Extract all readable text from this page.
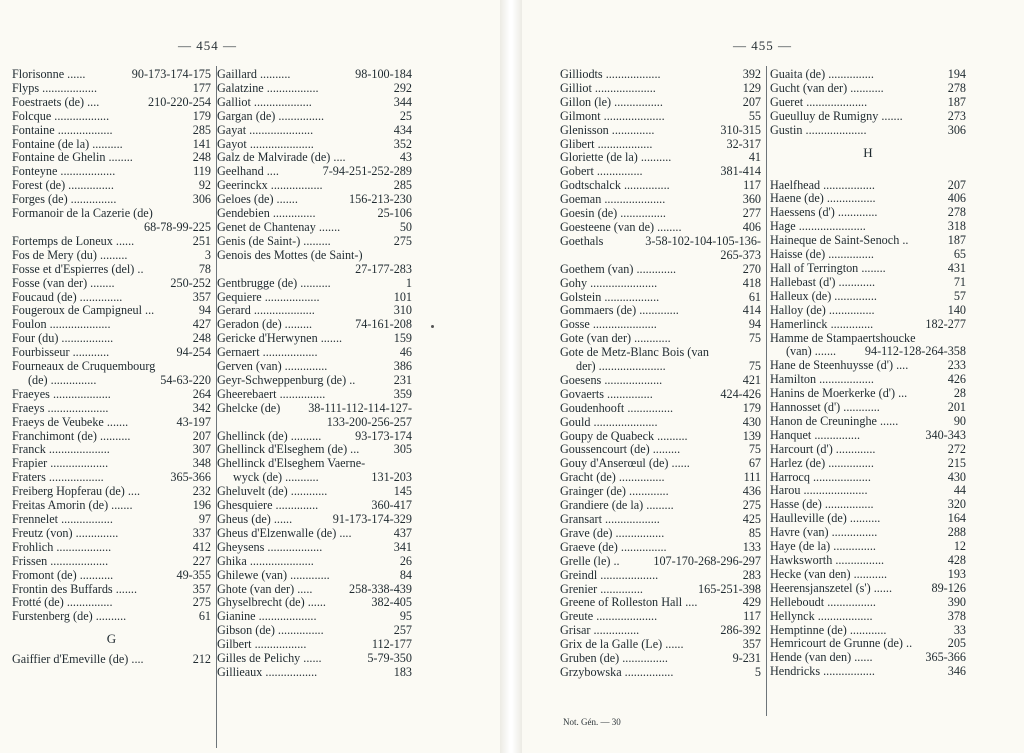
— 454 —	— 455 —
90-173-174-175
Florisonne ......
177
Flyps ..................
210-220-254
Foestraets (de) ....
179
Folcque ..................
285
Fontaine ..................
141
Fontaine (de la) ..........
248
Fontaine de Ghelin ........
119
Fonteyne ..................
92
Forest (de) ...............
306
Forges (de) ...............
Formanoir de la Cazerie (de)
68-78-99-225
251
Fortemps de Loneux ......
3
Fos de Mery (du) .........
78
Fosse et d'Espierres (del) ..
250-252
Fosse (van der) ........
357
Foucaud (de) ..............
94
Fougeroux de Campigneul ...
427
Foulon ....................
248
Four (du) .................
94-254
Fourbisseur ............
Fourneaux de Cruquembourg
54-63-220
(de) ...............
264
Fraeyes ...................
342
Fraeys ....................
43-197
Fraeys de Veubeke .......
207
Franchimont (de) ..........
307
Franck ....................
348
Frapier ...................
365-366
Fraters ..................
232
Freiberg Hopferau (de) ....
196
Freitas Amorin (de) .......
97
Frennelet .................
337
Freutz (von) ..............
412
Frohlich ..................
227
Frissen ...................
49-355
Fromont (de) ...........
357
Frontin des Buffards .......
275
Frotté (de) ...............
61
Furstenberg (de) ..........
G
212
Gaiffier d'Emeville (de) ....
98-100-184
Gaillard ..........
292
Galatzine .................
344
Galliot ...................
25
Gargan (de) ...............
434
Gayat .....................
352
Gayot .....................
43
Galz de Malvirade (de) ....
7-94-251-252-289
Geelhand ....
285
Geerinckx .................
156-213-230
Geloes (de) .......
25-106
Gendebien ..............
50
Genet de Chantenay .......
275
Genis (de Saint-) .........
Genois des Mottes (de Saint-)
27-177-283
1
Gentbrugge (de) ..........
101
Gequiere ..................
310
Gerard ....................
74-161-208
Geradon (de) .........
159
Gericke d'Herwynen .......
46
Gernaert ..................
386
Gerven (van) ..............
231
Geyr-Schweppenburg (de) ..
359
Gheerebaert ...............
38-111-112-114-127-
Ghelcke (de)
133-200-256-257
93-173-174
Ghellinck (de) ..........
305
Ghellinck d'Elseghem (de) ...
Ghellinck d'Elseghem Vaerne-
131-203
wyck (de) ...........
145
Gheluvelt (de) ............
360-417
Ghesquiere ..............
91-173-174-329
Gheus (de) ......
437
Gheus d'Elzenwalle (de) ....
341
Gheysens ..................
26
Ghika .....................
84
Ghilewe (van) .............
258-338-439
Ghote (van der) .....
382-405
Ghyselbrecht (de) ......
95
Gianine ...................
257
Gibson (de) ...............
112-177
Gilbert .................
5-79-350
Gilles de Pelichy ......
183
Gillieaux .................
392
Gilliodts ..................
129
Gilliot ....................
207
Gillon (le) ................
55
Gilmont ....................
310-315
Glenisson ..............
32-317
Glibert ..................
41
Gloriette (de la) ..........
381-414
Gobert ...............
117
Godtschalck ...............
360
Goeman ....................
277
Goesin (de) ...............
406
Goesteene (van de) ........
3-58-102-104-105-136-
Goethals
265-373
270
Goethem (van) .............
418
Gohy ......................
61
Golstein ..................
414
Gommaers (de) .............
94
Gosse .....................
75
Gote (van der) ............
Gote de Metz-Blanc Bois (van
75
der) ......................
421
Goesens ...................
424-426
Govaerts ...............
179
Goudenhooft ...............
430
Gould .....................
139
Goupy de Quabeck ..........
75
Goussencourt (de) .........
67
Gouy d'Anserœul (de) ......
111
Gracht (de) ...............
436
Grainger (de) .............
275
Grandiere (de la) .........
425
Gransart ..................
85
Grave (de) ................
133
Graeve (de) ...............
107-170-268-296-297
Grelle (le) ..
283
Greindl ...................
165-251-398
Grenier ..............
429
Greene of Rolleston Hall ....
117
Greute ....................
286-392
Grisar ...............
357
Grix de la Galle (Le) ......
9-231
Gruben (de) ...............
5
Grzybowska ................
194
Guaita (de) ...............
278
Gucht (van der) ...........
187
Gueret ....................
273
Gueulluy de Rumigny .......
306
Gustin ....................
H
207
Haelfhead .................
406
Haene (de) ................
278
Haessens (d') .............
318
Hage ......................
187
Haineque de Saint-Senoch ..
65
Haisse (de) ...............
431
Hall of Terrington ........
71
Hallebast (d') ............
57
Halleux (de) ..............
140
Halloy (de) ...............
182-277
Hamerlinck ..............
Hamme de Stampaertshoucke
94-112-128-264-358
(van) .......
233
Hane de Steenhuysse (d') ....
426
Hamilton ..................
28
Hanins de Moerkerke (d') ...
201
Hannosset (d') ............
90
Hanon de Creuninghe ......
340-343
Hanquet ...............
272
Harcourt (d') .............
215
Harlez (de) ...............
430
Harrocq ...................
44
Harou .....................
320
Hasse (de) ................
164
Haulleville (de) ..........
288
Havre (van) ...............
12
Haye (de la) ..............
428
Hawksworth ................
193
Hecke (van den) ...........
89-126
Heerensjanszetel (s') ......
390
Helleboudt ................
378
Hellynck ..................
33
Hemptinne (de) ............
205
Hemricourt de Grunne (de) ..
365-366
Hende (van den) ......
346
Hendricks .................
Not. Gén. — 30
